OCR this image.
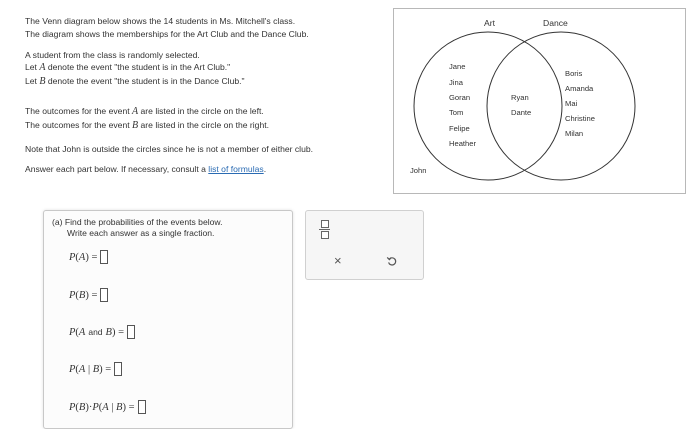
The Venn diagram below shows the 14 students in Ms. Mitchell's class.
The diagram shows the memberships for the Art Club and the Dance Club.

A student from the class is randomly selected.
Let A denote the event "the student is in the Art Club."
Let B denote the event "the student is in the Dance Club."

The outcomes for the event A are listed in the circle on the left.
The outcomes for the event B are listed in the circle on the right.

Note that John is outside the circles since he is not a member of either club.

Answer each part below. If necessary, consult a list of formulas.

Art	Dance
Jane
Jina
Goran
Tom
Felipe
Heather
Ryan
Dante
Boris
Amanda
Mai
Christine
Milan
John
(a) Find the probabilities of the events below.
Write each answer as a single fraction.
P ( A )
=
P ( B )
=
P ( A and B )
=
P ( A
|
B )
=
P ( B ) · P ( A
|
B )
=
×
